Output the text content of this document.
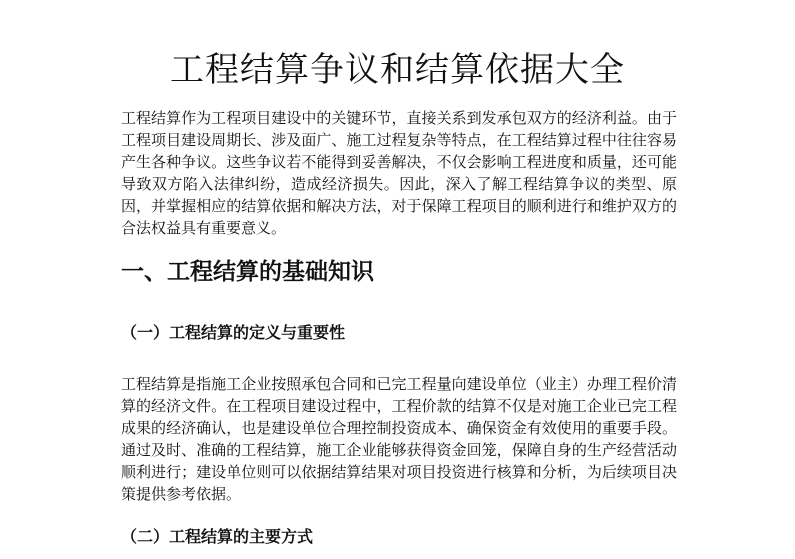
工程结算争议和结算依据大全

工程结算作为工程项目建设中的关键环节，直接关系到发承包双方的经济利益。由于工程项目建设周期长、涉及面广、施工过程复杂等特点，在工程结算过程中往往容易产生各种争议。这些争议若不能得到妥善解决，不仅会影响工程进度和质量，还可能导致双方陷入法律纠纷，造成经济损失。因此，深入了解工程结算争议的类型、原因，并掌握相应的结算依据和解决方法，对于保障工程项目的顺利进行和维护双方的合法权益具有重要意义。

一、工程结算的基础知识
（一）工程结算的定义与重要性

工程结算是指施工企业按照承包合同和已完工程量向建设单位（业主）办理工程价清算的经济文件。在工程项目建设过程中，工程价款的结算不仅是对施工企业已完工程成果的经济确认，也是建设单位合理控制投资成本、确保资金有效使用的重要手段。通过及时、准确的工程结算，施工企业能够获得资金回笼，保障自身的生产经营活动顺利进行；建设单位则可以依据结算结果对项目投资进行核算和分析，为后续项目决策提供参考依据。

（二）工程结算的主要方式
